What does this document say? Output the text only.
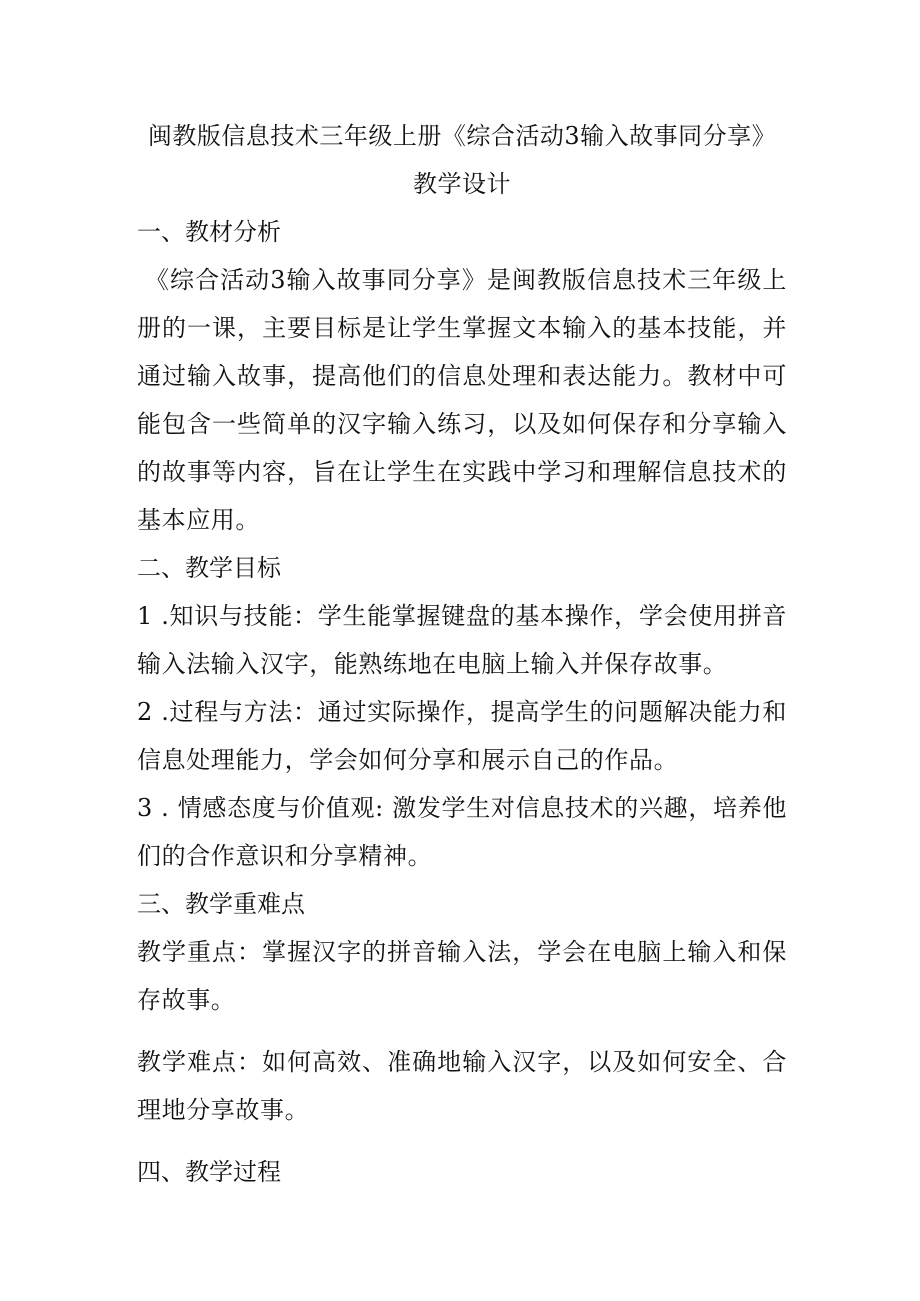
闽教版信息技术三年级上册《综合活动3输入故事同分享》

教学设计

一、教材分析

《综合活动3输入故事同分享》是闽教版信息技术三年级上册的一课，主要目标是让学生掌握文本输入的基本技能，并通过输入故事，提高他们的信息处理和表达能力。教材中可能包含一些简单的汉字输入练习，以及如何保存和分享输入的故事等内容，旨在让学生在实践中学习和理解信息技术的基本应用。

二、教学目标

1 .知识与技能：学生能掌握键盘的基本操作，学会使用拼音输入法输入汉字，能熟练地在电脑上输入并保存故事。

2 .过程与方法：通过实际操作，提高学生的问题解决能力和信息处理能力，学会如何分享和展示自己的作品。

3 . 情感态度与价值观: 激发学生对信息技术的兴趣，培养他们的合作意识和分享精神。

三、教学重难点

教学重点：掌握汉字的拼音输入法，学会在电脑上输入和保存故事。

教学难点：如何高效、准确地输入汉字，以及如何安全、合理地分享故事。

四、教学过程
